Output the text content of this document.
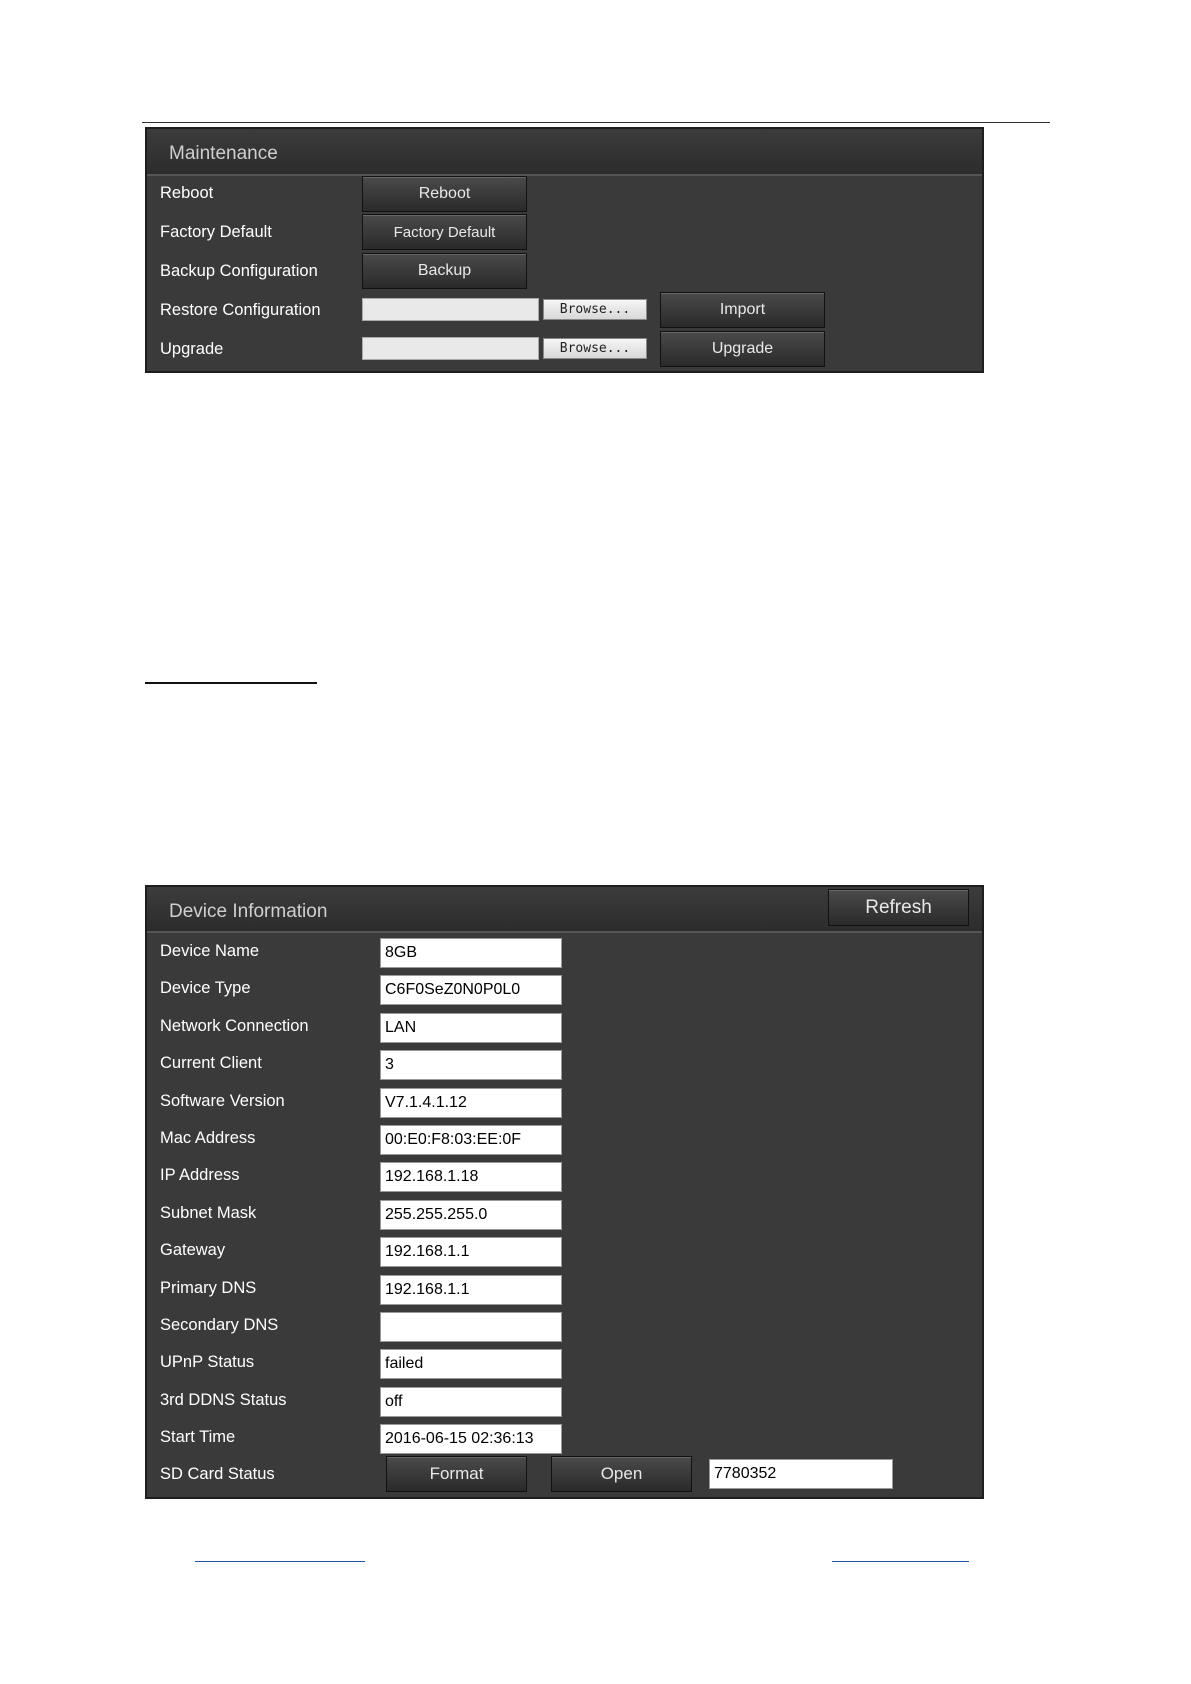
Maintenance
Reboot	Reboot
Factory Default	Factory Default
Backup Configuration	Backup
Restore Configuration	Browse...	Import
Upgrade	Browse...	Upgrade
Device Information	Refresh
Device Name	8GB
Device Type	C6F0SeZ0N0P0L0
Network Connection	LAN
Current Client	3
Software Version	V7.1.4.1.12
Mac Address	00:E0:F8:03:EE:0F
IP Address	192.168.1.18
Subnet Mask	255.255.255.0
Gateway	192.168.1.1
Primary DNS	192.168.1.1
Secondary DNS
UPnP Status	failed
3rd DDNS Status	off
Start Time	2016-06-15 02:36:13
SD Card Status	Format	Open	7780352
